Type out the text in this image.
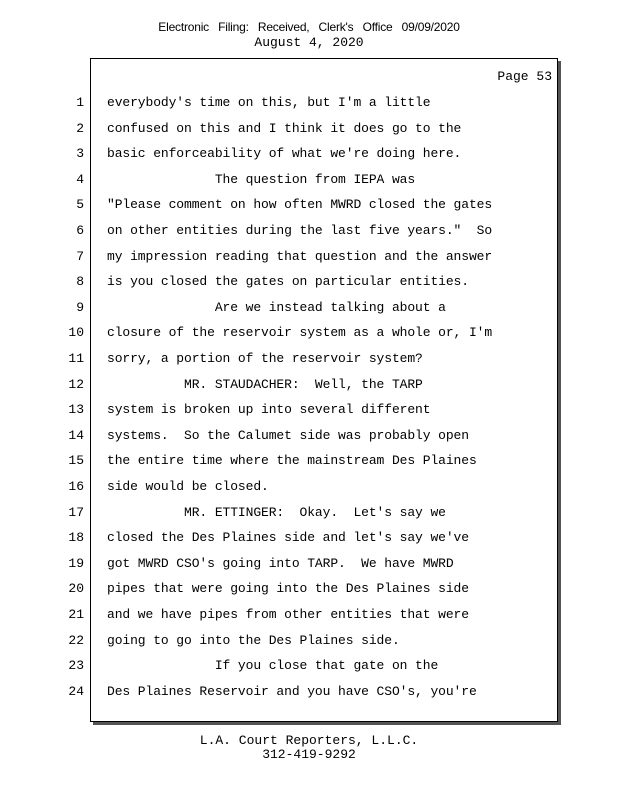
Electronic Filing: Received, Clerk's Office 09/09/2020
August 4, 2020
Page 53
1 everybody's time on this, but I'm a little
2 confused on this and I think it does go to the
3 basic enforceability of what we're doing here.
4 The question from IEPA was
5 "Please comment on how often MWRD closed the gates
6 on other entities during the last five years."  So
7 my impression reading that question and the answer
8 is you closed the gates on particular entities.
9 Are we instead talking about a
10 closure of the reservoir system as a whole or, I'm
11 sorry, a portion of the reservoir system?
12 MR. STAUDACHER:  Well, the TARP
13 system is broken up into several different
14 systems.  So the Calumet side was probably open
15 the entire time where the mainstream Des Plaines
16 side would be closed.
17 MR. ETTINGER:  Okay.  Let's say we
18 closed the Des Plaines side and let's say we've
19 got MWRD CSO's going into TARP.  We have MWRD
20 pipes that were going into the Des Plaines side
21 and we have pipes from other entities that were
22 going to go into the Des Plaines side.
23 If you close that gate on the
24 Des Plaines Reservoir and you have CSO's, you're
L.A. Court Reporters, L.L.C.
312-419-9292
